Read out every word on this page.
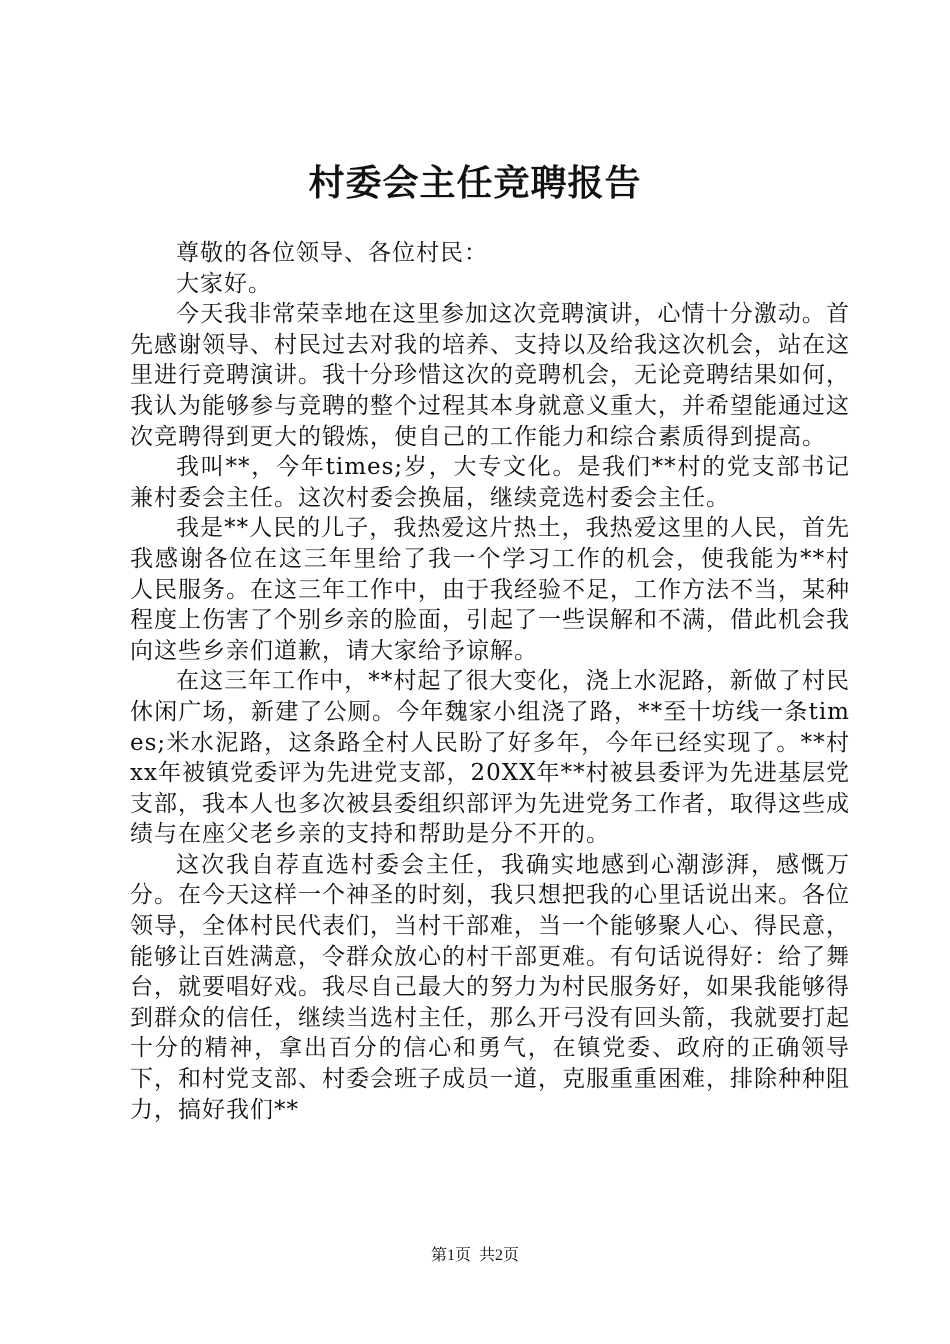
村委会主任竞聘报告

尊敬的各位领导、各位村民：

大家好。

今天我非常荣幸地在这里参加这次竞聘演讲，心情十分激动。首先感谢领导、村民过去对我的培养、支持以及给我这次机会，站在这里进行竞聘演讲。我十分珍惜这次的竞聘机会，无论竞聘结果如何，我认为能够参与竞聘的整个过程其本身就意义重大，并希望能通过这次竞聘得到更大的锻炼，使自己的工作能力和综合素质得到提高。

我叫**，今年times;岁，大专文化。是我们**村的党支部书记兼村委会主任。这次村委会换届，继续竞选村委会主任。

我是**人民的儿子，我热爱这片热土，我热爱这里的人民，首先我感谢各位在这三年里给了我一个学习工作的机会，使我能为**村人民服务。在这三年工作中，由于我经验不足，工作方法不当，某种程度上伤害了个别乡亲的脸面，引起了一些误解和不满，借此机会我向这些乡亲们道歉，请大家给予谅解。

在这三年工作中，**村起了很大变化，浇上水泥路，新做了村民休闲广场，新建了公厕。今年魏家小组浇了路，**至十坊线一条times;米水泥路，这条路全村人民盼了好多年，今年已经实现了。**村xx年被镇党委评为先进党支部，20XX年**村被县委评为先进基层党支部，我本人也多次被县委组织部评为先进党务工作者，取得这些成绩与在座父老乡亲的支持和帮助是分不开的。

这次我自荐直选村委会主任，我确实地感到心潮澎湃，感慨万分。在今天这样一个神圣的时刻，我只想把我的心里话说出来。各位领导，全体村民代表们，当村干部难，当一个能够聚人心、得民意，能够让百姓满意，令群众放心的村干部更难。有句话说得好：给了舞台，就要唱好戏。我尽自己最大的努力为村民服务好，如果我能够得到群众的信任，继续当选村主任，那么开弓没有回头箭，我就要打起十分的精神，拿出百分的信心和勇气，在镇党委、政府的正确领导下，和村党支部、村委会班子成员一道，克服重重困难，排除种种阻力，搞好我们**

第1页 共2页
